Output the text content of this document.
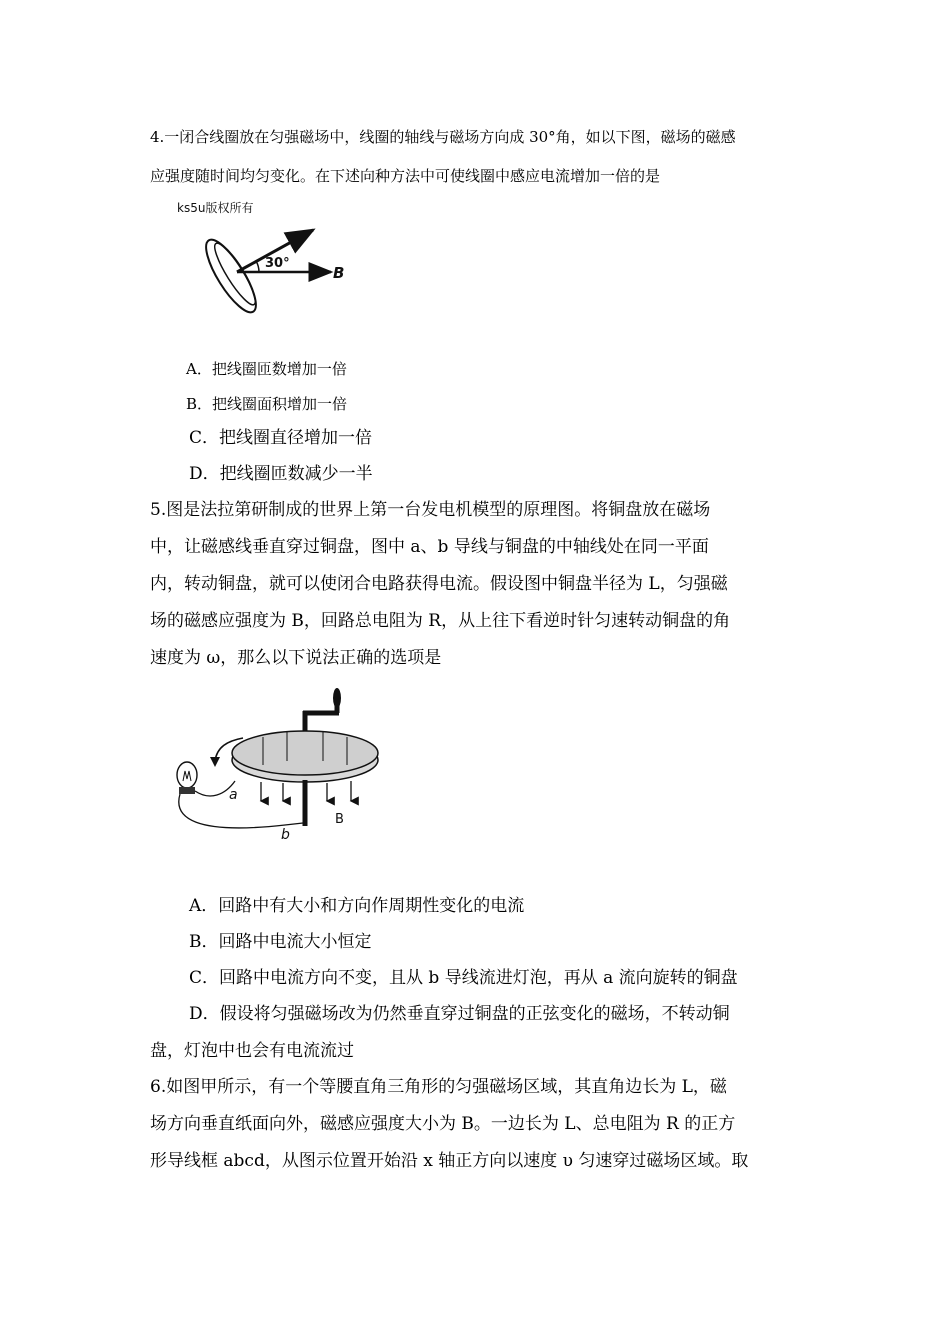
4.一闭合线圈放在匀强磁场中，线圈的轴线与磁场方向成 30°角，如以下图，磁场的磁感
应强度随时间均匀变化。在下述向种方法中可使线圈中感应电流增加一倍的是
ks5u版权所有
30°
B
A．把线圈匝数增加一倍
B．把线圈面积增加一倍
C．把线圈直径增加一倍
D．把线圈匝数减少一半
5.图是法拉第研制成的世界上第一台发电机模型的原理图。将铜盘放在磁场
中，让磁感线垂直穿过铜盘，图中 a、b 导线与铜盘的中轴线处在同一平面
内，转动铜盘，就可以使闭合电路获得电流。假设图中铜盘半径为 L，匀强磁
场的磁感应强度为 B，回路总电阻为 R，从上往下看逆时针匀速转动铜盘的角
速度为 ω，那么以下说法正确的选项是
B
a
b
A．回路中有大小和方向作周期性变化的电流
B．回路中电流大小恒定
C．回路中电流方向不变，且从 b 导线流进灯泡，再从 a 流向旋转的铜盘
D．假设将匀强磁场改为仍然垂直穿过铜盘的正弦变化的磁场，不转动铜
盘，灯泡中也会有电流流过
6.如图甲所示，有一个等腰直角三角形的匀强磁场区域，其直角边长为 L，磁
场方向垂直纸面向外，磁感应强度大小为 B。一边长为 L、总电阻为 R 的正方
形导线框 abcd，从图示位置开始沿 x 轴正方向以速度 υ 匀速穿过磁场区域。取
